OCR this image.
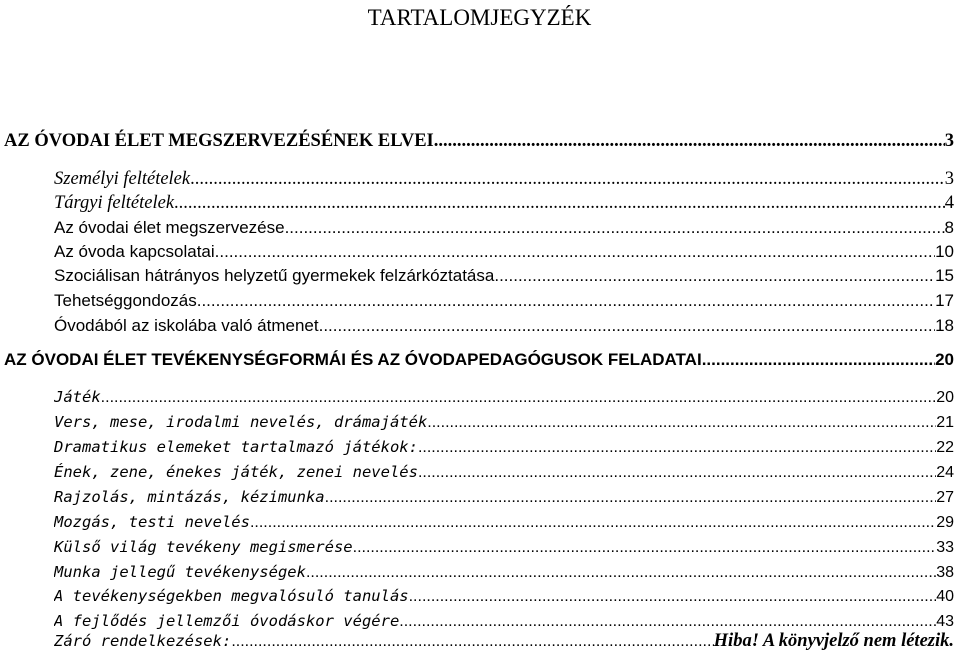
TARTALOMJEGYZÉK
AZ ÓVODAI ÉLET MEGSZERVEZÉSÉNEK ELVEI .....	3
Személyi feltételek .....	3
Tárgyi feltételek .....	4
Az óvodai élet megszervezése .....	8
Az óvoda kapcsolatai .....	10
Szociálisan hátrányos helyzetű gyermekek felzárkóztatása .....	15
Tehetséggondozás .....	17
Óvodából az iskolába való átmenet .....	18
AZ ÓVODAI ÉLET TEVÉKENYSÉGFORMÁI ÉS AZ ÓVODAPEDAGÓGUSOK FELADATAI .....	20
Játék .....	20
Vers, mese, irodalmi nevelés, drámajáték .....	21
Dramatikus elemeket tartalmazó játékok: .....	22
Ének, zene, énekes játék, zenei nevelés .....	24
Rajzolás, mintázás, kézimunka .....	27
Mozgás, testi nevelés .....	29
Külső világ tevékeny megismerése .....	33
Munka jellegű tevékenységek .....	38
A tevékenységekben megvalósuló tanulás .....	40
A fejlődés jellemzői óvodáskor végére .....	43
Záró rendelkezések: .....	Hiba! A könyvjelző nem létezik.
